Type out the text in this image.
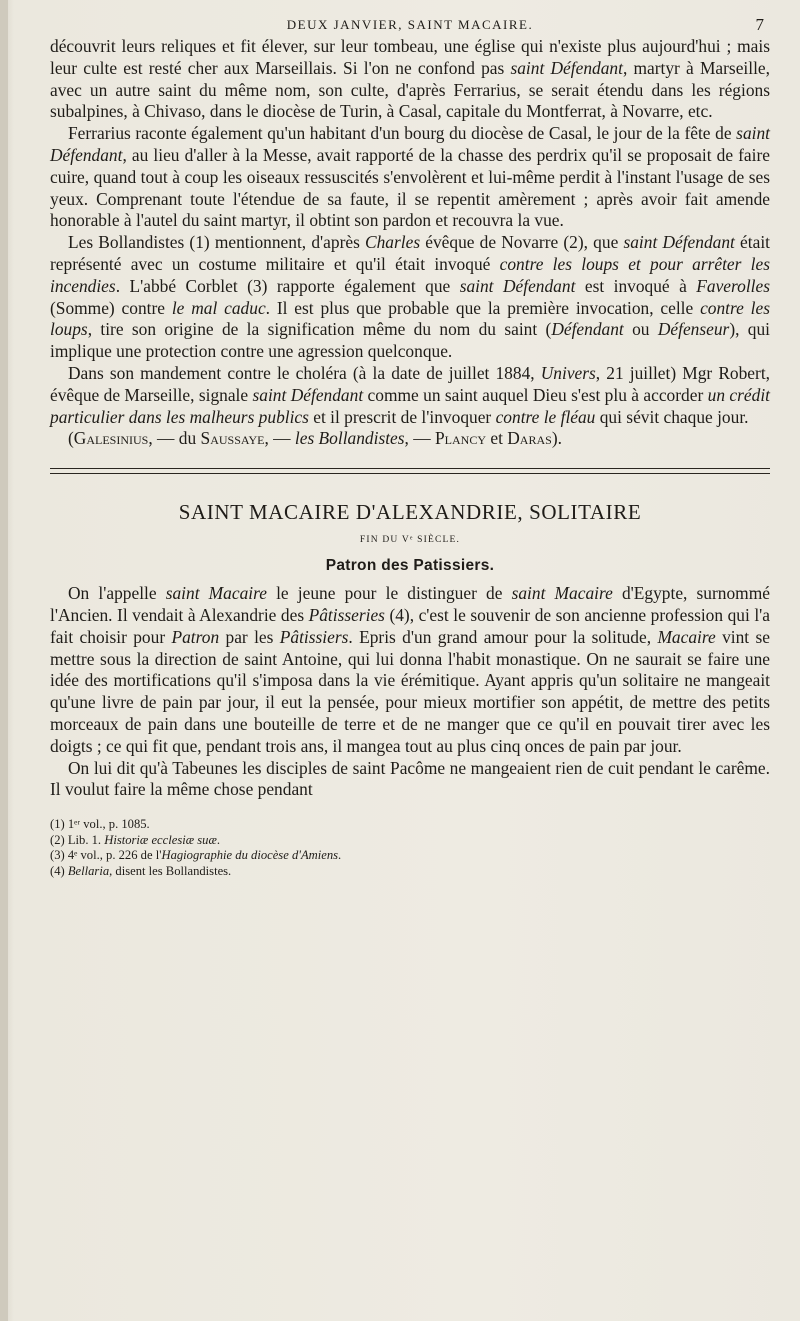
DEUX JANVIER, SAINT MACAIRE.	7

découvrit leurs reliques et fit élever, sur leur tombeau, une église qui n'existe plus aujourd'hui ; mais leur culte est resté cher aux Marseillais. Si l'on ne confond pas saint Défendant, martyr à Marseille, avec un autre saint du même nom, son culte, d'après Ferrarius, se serait étendu dans les régions subalpines, à Chivaso, dans le diocèse de Turin, à Casal, capitale du Montferrat, à Novarre, etc.

Ferrarius raconte également qu'un habitant d'un bourg du diocèse de Casal, le jour de la fête de saint Défendant, au lieu d'aller à la Messe, avait rapporté de la chasse des perdrix qu'il se proposait de faire cuire, quand tout à coup les oiseaux ressuscités s'envolèrent et lui-même perdit à l'instant l'usage de ses yeux. Comprenant toute l'étendue de sa faute, il se repentit amèrement ; après avoir fait amende honorable à l'autel du saint martyr, il obtint son pardon et recouvra la vue.

Les Bollandistes (1) mentionnent, d'après Charles évêque de Novarre (2), que saint Défendant était représenté avec un costume militaire et qu'il était invoqué contre les loups et pour arrêter les incendies. L'abbé Corblet (3) rapporte également que saint Défendant est invoqué à Faverolles (Somme) contre le mal caduc. Il est plus que probable que la première invocation, celle contre les loups, tire son origine de la signification même du nom du saint (Défendant ou Défenseur), qui implique une protection contre une agression quelconque.

Dans son mandement contre le choléra (à la date de juillet 1884, Univers, 21 juillet) Mgr Robert, évêque de Marseille, signale saint Défendant comme un saint auquel Dieu s'est plu à accorder un crédit particulier dans les malheurs publics et il prescrit de l'invoquer contre le fléau qui sévit chaque jour.

(Galesinius, — du Saussaye, — les Bollandistes, — Plancy et Daras).

SAINT MACAIRE D'ALEXANDRIE, SOLITAIRE
FIN DU Vᵉ SIÈCLE.
Patron des Patissiers.

On l'appelle saint Macaire le jeune pour le distinguer de saint Macaire d'Egypte, surnommé l'Ancien. Il vendait à Alexandrie des Pâtisseries (4), c'est le souvenir de son ancienne profession qui l'a fait choisir pour Patron par les Pâtissiers. Epris d'un grand amour pour la solitude, Macaire vint se mettre sous la direction de saint Antoine, qui lui donna l'habit monastique. On ne saurait se faire une idée des mortifications qu'il s'imposa dans la vie érémitique. Ayant appris qu'un solitaire ne mangeait qu'une livre de pain par jour, il eut la pensée, pour mieux mortifier son appétit, de mettre des petits morceaux de pain dans une bouteille de terre et de ne manger que ce qu'il en pouvait tirer avec les doigts ; ce qui fit que, pendant trois ans, il mangea tout au plus cinq onces de pain par jour.

On lui dit qu'à Tabeunes les disciples de saint Pacôme ne mangeaient rien de cuit pendant le carême. Il voulut faire la même chose pendant

(1) 1ᵉʳ vol., p. 1085.
(2) Lib. 1. Historiæ ecclesiæ suæ.
(3) 4ᵉ vol., p. 226 de l'Hagiographie du diocèse d'Amiens.
(4) Bellaria, disent les Bollandistes.
